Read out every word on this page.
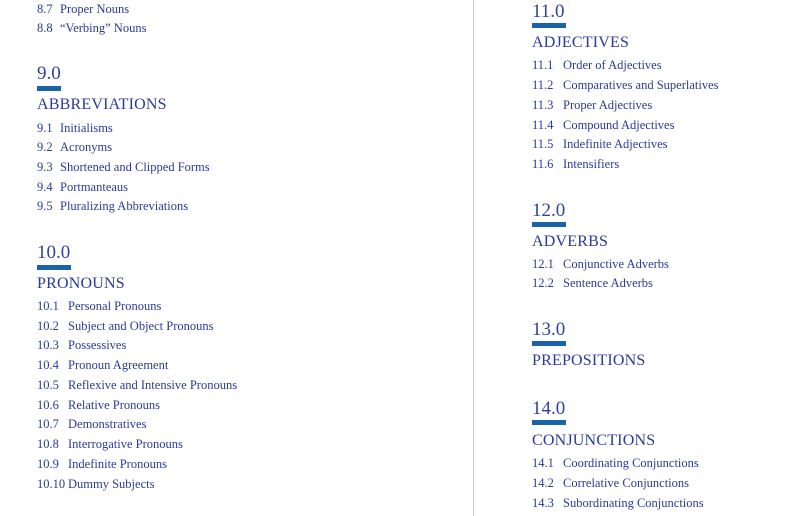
8.7 Proper Nouns
8.8 “Verbing” Nouns
9.0
ABBREVIATIONS
9.1 Initialisms
9.2 Acronyms
9.3 Shortened and Clipped Forms
9.4 Portmanteaus
9.5 Pluralizing Abbreviations
10.0
PRONOUNS
10.1 Personal Pronouns
10.2 Subject and Object Pronouns
10.3 Possessives
10.4 Pronoun Agreement
10.5 Reflexive and Intensive Pronouns
10.6 Relative Pronouns
10.7 Demonstratives
10.8 Interrogative Pronouns
10.9 Indefinite Pronouns
10.10 Dummy Subjects
11.0
ADJECTIVES
11.1 Order of Adjectives
11.2 Comparatives and Superlatives
11.3 Proper Adjectives
11.4 Compound Adjectives
11.5 Indefinite Adjectives
11.6 Intensifiers
12.0
ADVERBS
12.1 Conjunctive Adverbs
12.2 Sentence Adverbs
13.0
PREPOSITIONS
14.0
CONJUNCTIONS
14.1 Coordinating Conjunctions
14.2 Correlative Conjunctions
14.3 Subordinating Conjunctions
